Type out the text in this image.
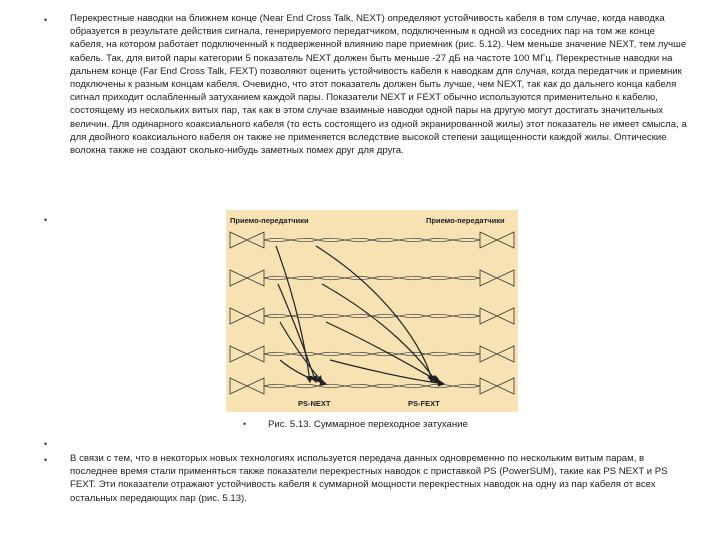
• Перекрестные наводки на ближнем конце (Near End Cross Talk, NEXT) определяют устойчивость кабеля в том случае, когда наводка образуется в результате действия сигнала, генерируемого передатчиком, подключенным к одной из соседних пар на том же конце кабеля, на котором работает подключенный к подверженной влиянию паре приемник (рис. 5.12). Чем меньше значение NEXT, тем лучше кабель. Так, для витой пары категории 5 показатель NEXT должен быть меньше -27 дБ на частоте 100 МГц. Перекрестные наводки на дальнем конце (Far End Cross Talk, FEXT) позволяют оценить устойчивость кабеля к наводкам для случая, когда передатчик и приемник подключены к разным концам кабеля. Очевидно, что этот показатель должен быть лучше, чем NEXT, так как до дальнего конца кабеля сигнал приходит ослабленный затуханием каждой пары. Показатели NEXT и FEXT обычно используются применительно к кабелю, состоящему из нескольких витых пар, так как в этом случае взаимные наводки одной пары на другую могут достигать значительных величин. Для одинарного коаксиального кабеля (то есть состоящего из одной экранированной жилы) этот показатель не имеет смысла, а для двойного коаксиального кабеля он также не применяется вследствие высокой степени защищенности каждой жилы. Оптические волокна также не создают сколько-нибудь заметных помех друг для друга.
•	Приемо-передатчики	Приемо-передатчики
PS-NEXT	PS-FEXT
• Рис. 5.13. Суммарное переходное затухание
•
• В связи с тем, что в некоторых новых технологиях используется передача данных одновременно по нескольким витым парам, в последнее время стали применяться также показатели перекрестных наводок с приставкой PS (PowerSUM), такие как PS NEXT и PS FEXT. Эти показатели отражают устойчивость кабеля к суммарной мощности перекрестных наводок на одну из пар кабеля от всех остальных передающих пар (рис. 5.13).
